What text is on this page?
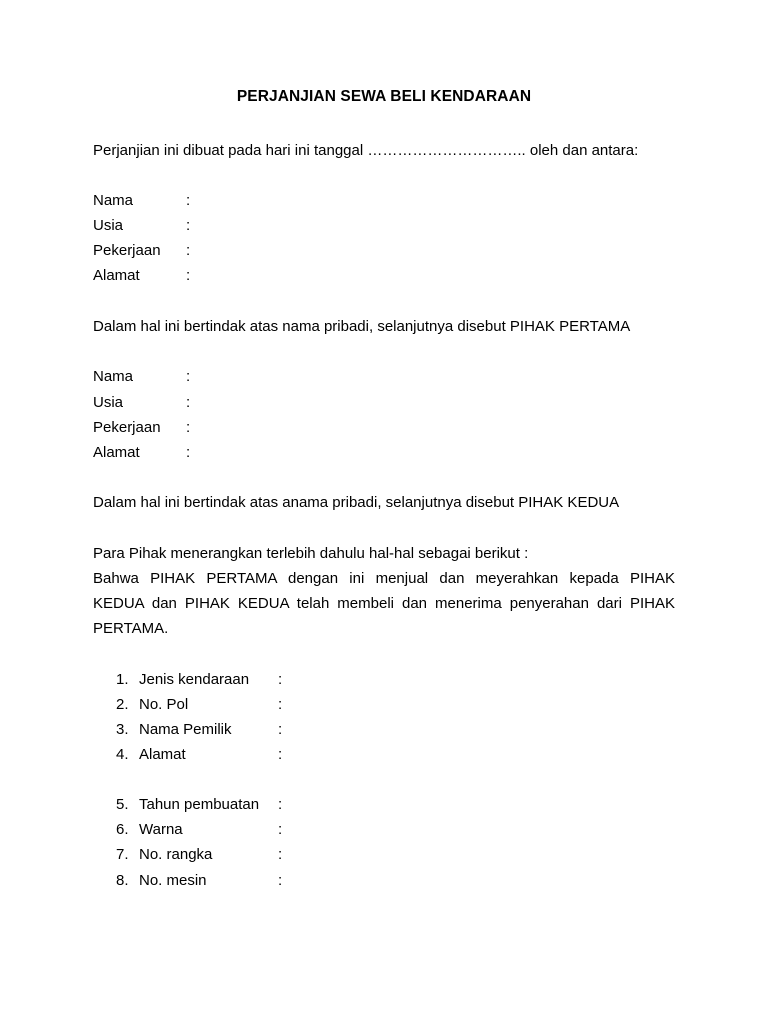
PERJANJIAN SEWA BELI KENDARAAN
Perjanjian ini dibuat pada hari ini tanggal ………………………….. oleh dan antara:
Nama	:
Usia	:
Pekerjaan :
Alamat	:
Dalam hal ini bertindak atas nama pribadi, selanjutnya disebut PIHAK PERTAMA
Nama	:
Usia	:
Pekerjaan :
Alamat	:
Dalam hal ini bertindak atas anama pribadi, selanjutnya disebut PIHAK KEDUA
Para Pihak menerangkan terlebih dahulu hal-hal sebagai berikut :
Bahwa PIHAK PERTAMA dengan ini menjual dan meyerahkan kepada PIHAK
KEDUA dan PIHAK KEDUA telah membeli dan menerima penyerahan dari PIHAK
PERTAMA.
1. Jenis kendaraan :
2. No. Pol	:
3. Nama Pemilik	:
4. Alamat	:
5. Tahun pembuatan :
6. Warna	:
7. No. rangka	:
8. No. mesin	:
